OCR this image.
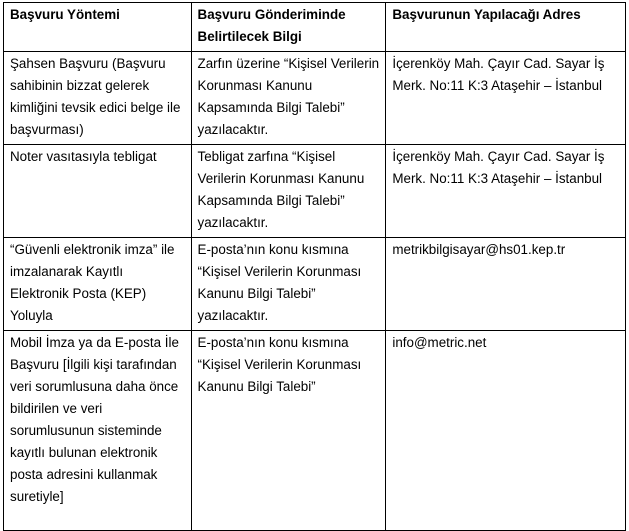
Başvuru Yöntemi	Başvuru Gönderiminde Belirtilecek Bilgi	Başvurunun Yapılacağı Adres
Şahsen Başvuru (Başvuru sahibinin bizzat gelerek kimliğini tevsik edici belge ile başvurması)	Zarfın üzerine “Kişisel Verilerin Korunması Kanunu Kapsamında Bilgi Talebi” yazılacaktır.	İçerenköy Mah. Çayır Cad. Sayar İş Merk. No:11 K:3 Ataşehir – İstanbul
Noter vasıtasıyla tebligat	Tebligat zarfına “Kişisel Verilerin Korunması Kanunu Kapsamında Bilgi Talebi” yazılacaktır.	İçerenköy Mah. Çayır Cad. Sayar İş Merk. No:11 K:3 Ataşehir – İstanbul
“Güvenli elektronik imza” ile imzalanarak Kayıtlı Elektronik Posta (KEP) Yoluyla	E-posta’nın konu kısmına “Kişisel Verilerin Korunması Kanunu Bilgi Talebi” yazılacaktır.	metrikbilgisayar@hs01.kep.tr
Mobil İmza ya da E-posta İle Başvuru [İlgili kişi tarafından veri sorumlusuna daha önce bildirilen ve veri sorumlusunun sisteminde kayıtlı bulunan elektronik posta adresini kullanmak suretiyle]	E-posta’nın konu kısmına “Kişisel Verilerin Korunması Kanunu Bilgi Talebi”	info@metric.net
